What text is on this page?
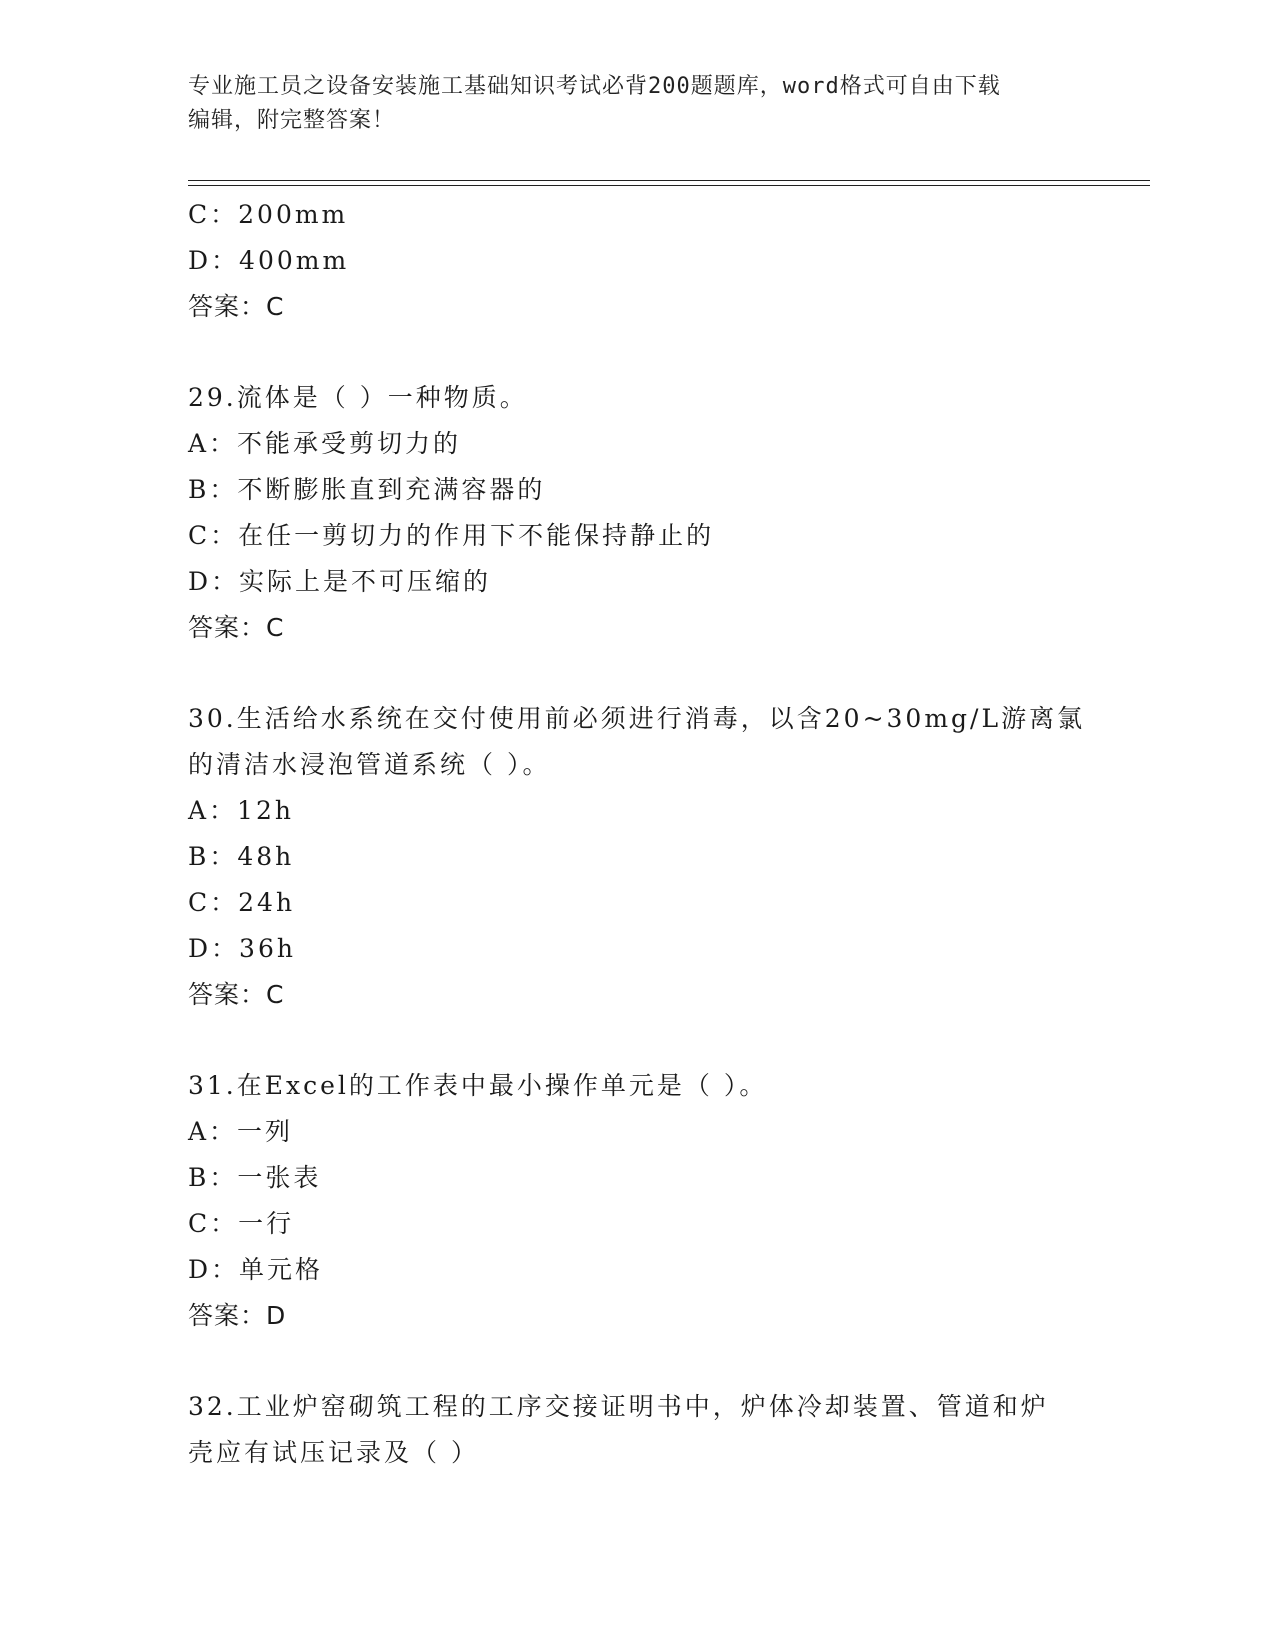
专业施工员之设备安装施工基础知识考试必背200题题库，word格式可自由下载
编辑，附完整答案！
C：200mm
D：400mm
答案：C
29.流体是（ ）一种物质。
A：不能承受剪切力的
B：不断膨胀直到充满容器的
C：在任一剪切力的作用下不能保持静止的
D：实际上是不可压缩的
答案：C
30.生活给水系统在交付使用前必须进行消毒，以含20~30mg/L游离氯
的清洁水浸泡管道系统（ ）。
A：12h
B：48h
C：24h
D：36h
答案：C
31.在Excel的工作表中最小操作单元是（ ）。
A：一列
B：一张表
C：一行
D：单元格
答案：D
32.工业炉窑砌筑工程的工序交接证明书中，炉体冷却装置、管道和炉
壳应有试压记录及（ ）
